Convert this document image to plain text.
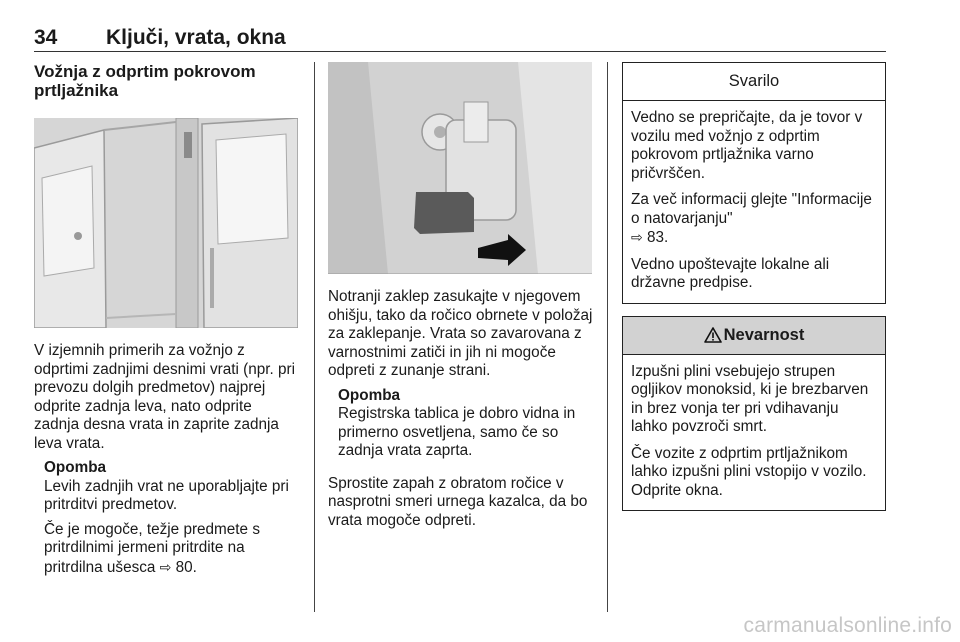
34 Ključi, vrata, okna
Vožnja z odprtim pokrovom prtljažnika

V izjemnih primerih za vožnjo z odprtimi zadnjimi desnimi vrati (npr. pri prevozu dolgih predmetov) najprej odprite zadnja leva, nato odprite zadnja desna vrata in zaprite zadnja leva vrata.

Opomba

Levih zadnjih vrat ne uporabljajte pri pritrditvi predmetov.

Če je mogoče, težje predmete s pritrdilnimi jermeni pritrdite na pritrdilna ušesca ⇨ 80.

Notranji zaklep zasukajte v njegovem ohišju, tako da ročico obrnete v položaj za zaklepanje. Vrata so zavarovana z varnostnimi zatiči in jih ni mogoče odpreti z zunanje strani.

Opomba

Registrska tablica je dobro vidna in primerno osvetljena, samo če so zadnja vrata zaprta.

Sprostite zapah z obratom ročice v nasprotni smeri urnega kazalca, da bo vrata mogoče odpreti.

Svarilo

Vedno se prepričajte, da je tovor v vozilu med vožnjo z odprtim pokrovom prtljažnika varno pričvrščen.

Za več informacij glejte "Informacije o natovarjanju"
⇨ 83.

Vedno upoštevajte lokalne ali državne predpise.

Nevarnost

Izpušni plini vsebujejo strupen ogljikov monoksid, ki je brezbarven in brez vonja ter pri vdihavanju lahko povzroči smrt.

Če vozite z odprtim prtljažnikom lahko izpušni plini vstopijo v vozilo. Odprite okna.

carmanualsonline.info
